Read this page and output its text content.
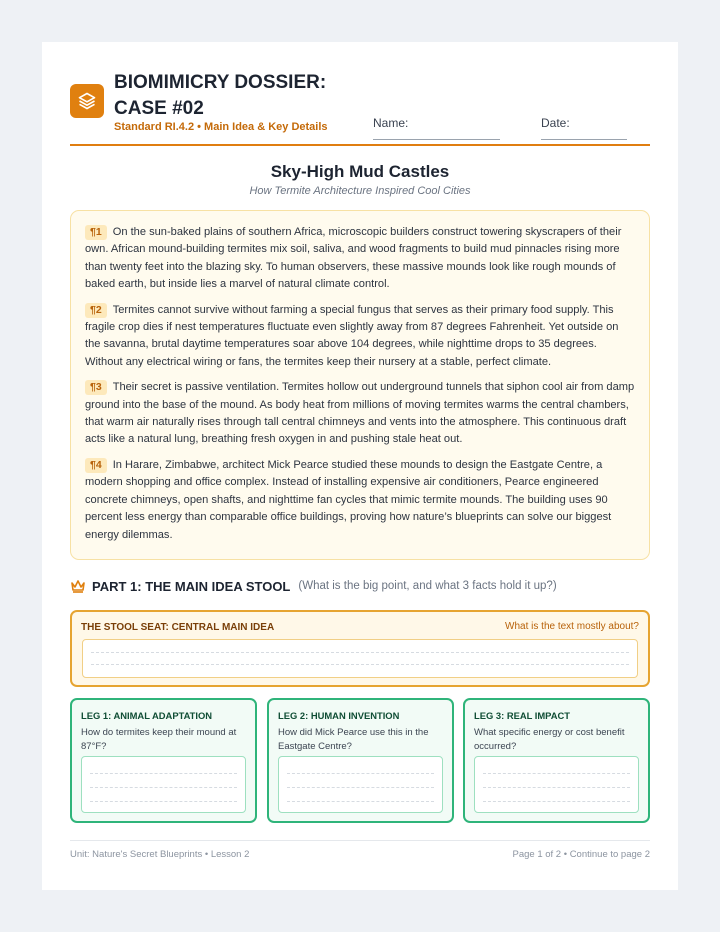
BIOMIMICRY DOSSIER: CASE #02
Standard RI.4.2 • Main Idea & Key Details	Name:	Date:
Sky-High Mud Castles
How Termite Architecture Inspired Cool Cities

¶1 On the sun-baked plains of southern Africa, microscopic builders construct towering skyscrapers of their own. African mound-building termites mix soil, saliva, and wood fragments to build mud pinnacles rising more than twenty feet into the blazing sky. To human observers, these massive mounds look like rough mounds of baked earth, but inside lies a marvel of natural climate control.

¶2 Termites cannot survive without farming a special fungus that serves as their primary food supply. This fragile crop dies if nest temperatures fluctuate even slightly away from 87 degrees Fahrenheit. Yet outside on the savanna, brutal daytime temperatures soar above 104 degrees, while nighttime drops to 35 degrees. Without any electrical wiring or fans, the termites keep their nursery at a stable, perfect climate.

¶3 Their secret is passive ventilation. Termites hollow out underground tunnels that siphon cool air from damp ground into the base of the mound. As body heat from millions of moving termites warms the central chambers, that warm air naturally rises through tall central chimneys and vents into the atmosphere. This continuous draft acts like a natural lung, breathing fresh oxygen in and pushing stale heat out.

¶4 In Harare, Zimbabwe, architect Mick Pearce studied these mounds to design the Eastgate Centre, a modern shopping and office complex. Instead of installing expensive air conditioners, Pearce engineered concrete chimneys, open shafts, and nighttime fan cycles that mimic termite mounds. The building uses 90 percent less energy than comparable office buildings, proving how nature’s blueprints can solve our biggest energy dilemmas.

PART 1: THE MAIN IDEA STOOL (What is the big point, and what 3 facts hold it up?)
THE STOOL SEAT: CENTRAL MAIN IDEA	What is the text mostly about?
LEG 1: ANIMAL ADAPTATION
How do termites keep their mound at 87°F?
LEG 2: HUMAN INVENTION
How did Mick Pearce use this in the Eastgate Centre?
LEG 3: REAL IMPACT
What specific energy or cost benefit occurred?
Unit: Nature's Secret Blueprints • Lesson 2	Page 1 of 2 • Continue to page 2
